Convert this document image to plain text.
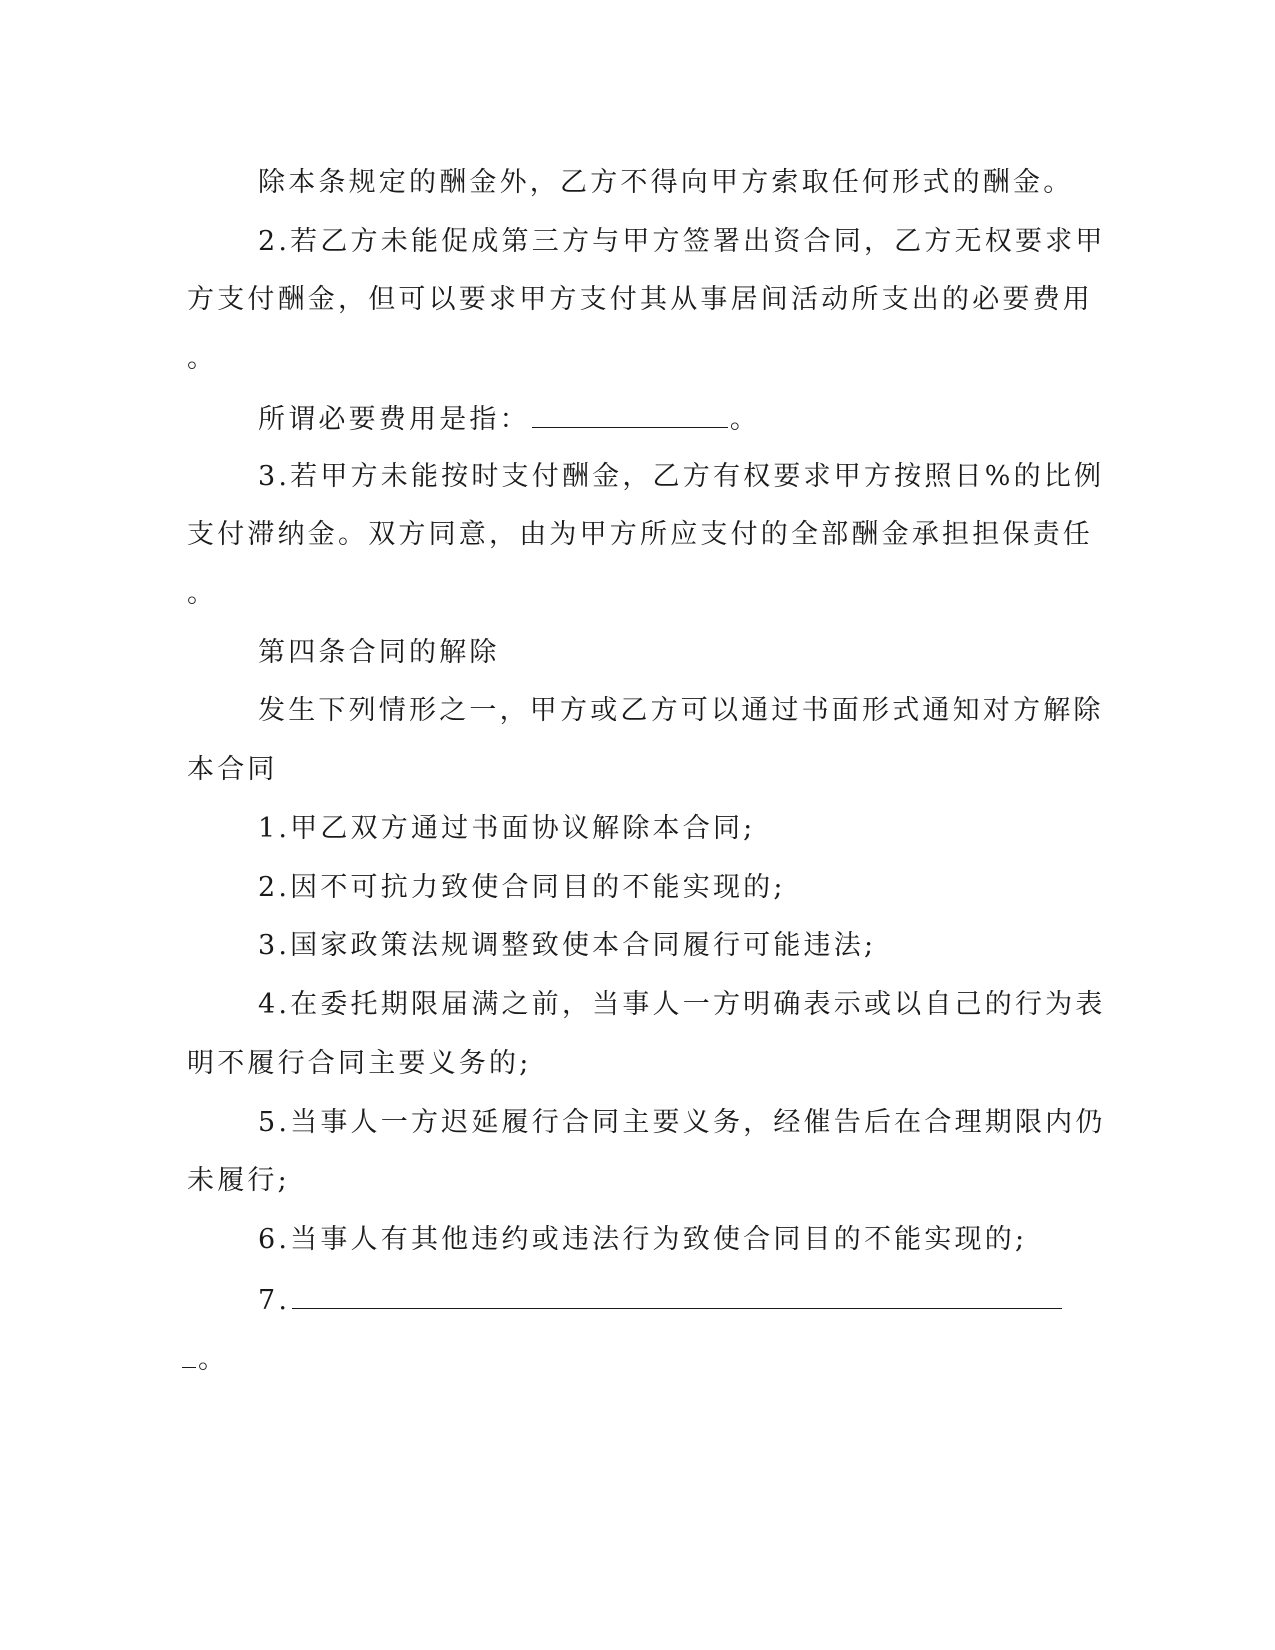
除本条规定的酬金外，乙方不得向甲方索取任何形式的酬金。
2.若乙方未能促成第三方与甲方签署出资合同，乙方无权要求甲
方支付酬金，但可以要求甲方支付其从事居间活动所支出的必要费用
。
所谓必要费用是指：	。
3.若甲方未能按时支付酬金，乙方有权要求甲方按照日%的比例
支付滞纳金。双方同意，由为甲方所应支付的全部酬金承担担保责任
。
第四条合同的解除
发生下列情形之一，甲方或乙方可以通过书面形式通知对方解除
本合同
1.甲乙双方通过书面协议解除本合同;
2.因不可抗力致使合同目的不能实现的;
3.国家政策法规调整致使本合同履行可能违法;
4.在委托期限届满之前，当事人一方明确表示或以自己的行为表
明不履行合同主要义务的;
5.当事人一方迟延履行合同主要义务，经催告后在合理期限内仍
未履行;
6.当事人有其他违约或违法行为致使合同目的不能实现的;
7.
。
